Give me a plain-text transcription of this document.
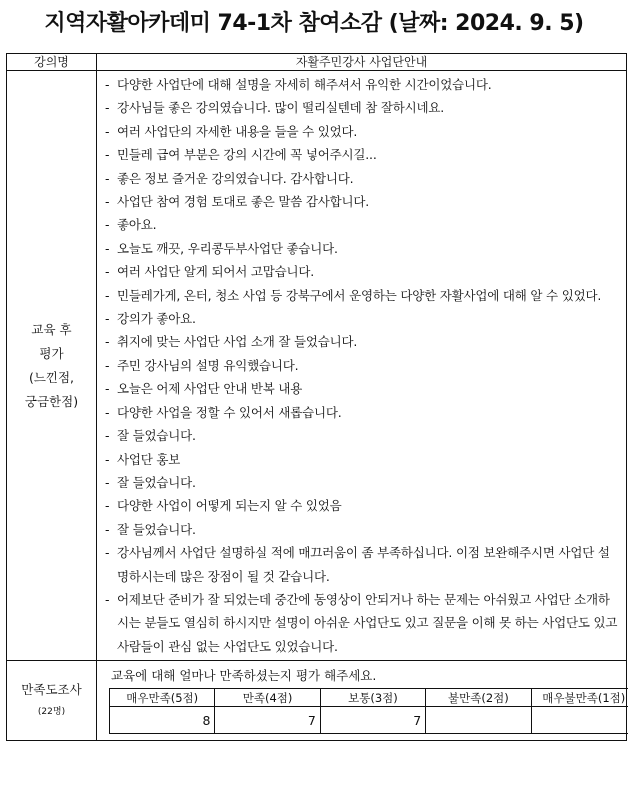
지역자활아카데미 74-1차 참여소감 (날짜: 2024. 9. 5)
강의명	자활주민강사 사업단안내

교육 후
평가
(느낀점,
궁금한점)

- 다양한 사업단에 대해 설명을 자세히 해주셔서 유익한 시간이었습니다.
- 강사님들 좋은 강의였습니다. 많이 떨리실텐데 참 잘하시네요.
- 여러 사업단의 자세한 내용을 들을 수 있었다.
- 민들레 급여 부분은 강의 시간에 꼭 넣어주시길...
- 좋은 정보 즐거운 강의였습니다. 감사합니다.
- 사업단 참여 경험 토대로 좋은 말씀 감사합니다.
- 좋아요.
- 오늘도 깨끗, 우리콩두부사업단 좋습니다.
- 여러 사업단 알게 되어서 고맙습니다.
- 민들레가게, 온터, 청소 사업 등 강북구에서 운영하는 다양한 자활사업에 대해 알 수 있었다.
- 강의가 좋아요.
- 취지에 맞는 사업단 사업 소개 잘 들었습니다.
- 주민 강사님의 설명 유익했습니다.
- 오늘은 어제 사업단 안내 반복 내용
- 다양한 사업을 정할 수 있어서 새롭습니다.
- 잘 들었습니다.
- 사업단 홍보
- 잘 들었습니다.
- 다양한 사업이 어떻게 되는지 알 수 있었음
- 잘 들었습니다.
- 강사님께서 사업단 설명하실 적에 매끄러움이 좀 부족하십니다. 이점 보완해주시면 사업단 설명하시는데 많은 장점이 될 것 같습니다.
- 어제보단 준비가 잘 되었는데 중간에 동영상이 안되거나 하는 문제는 아쉬웠고 사업단 소개하시는 분들도 열심히 하시지만 설명이 아쉬운 사업단도 있고 질문을 이해 못 하는 사업단도 있고 사람들이 관심 없는 사업단도 있었습니다.

만족도조사
(22명)

교육에 대해 얼마나 만족하셨는지 평가 해주세요.
매우만족(5점)	만족(4점)	보통(3점)	불만족(2점)	매우불만족(1점)
8	7	7		
